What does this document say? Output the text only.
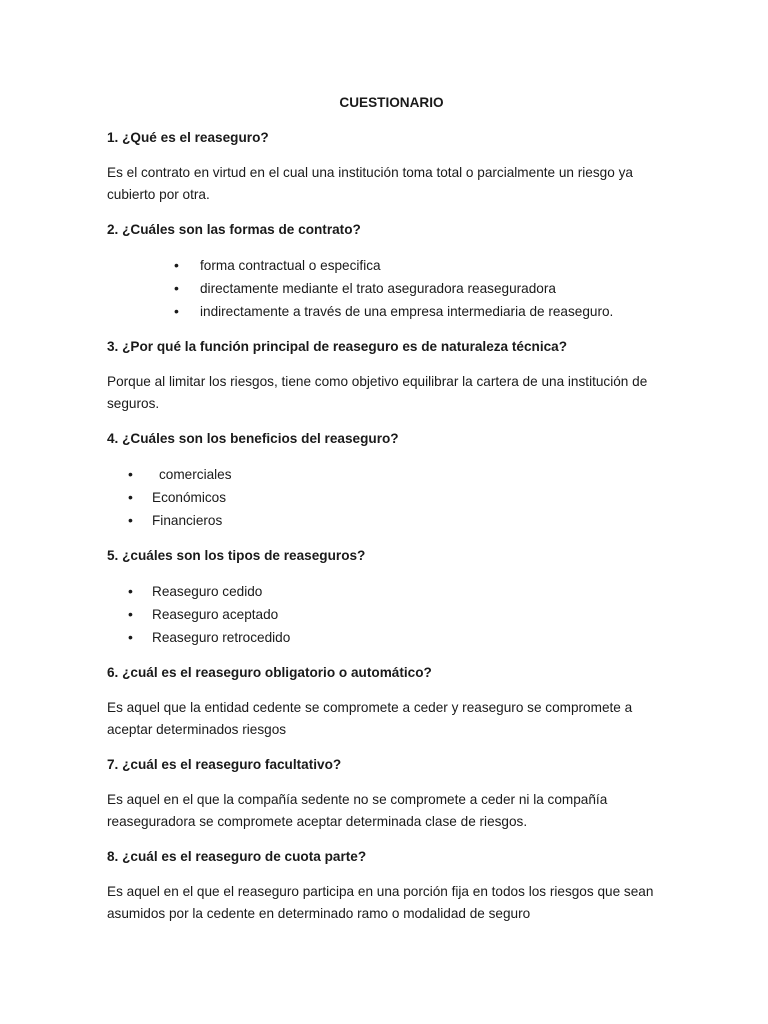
CUESTIONARIO

1. ¿Qué es el reaseguro?

Es el contrato en virtud en el cual una institución toma total o parcialmente un riesgo ya cubierto por otra.

2. ¿Cuáles son las formas de contrato?

• forma contractual o especifica
• directamente mediante el trato aseguradora reaseguradora
• indirectamente a través de una empresa intermediaria de reaseguro.

3. ¿Por qué la función principal de reaseguro es de naturaleza técnica?

Porque al limitar los riesgos, tiene como objetivo equilibrar la cartera de una institución de seguros.

4. ¿Cuáles son los beneficios del reaseguro?

• comerciales
• Económicos
• Financieros

5. ¿cuáles son los tipos de reaseguros?

• Reaseguro cedido
• Reaseguro aceptado
• Reaseguro retrocedido

6. ¿cuál es el reaseguro obligatorio o automático?

Es aquel que la entidad cedente se compromete a ceder y reaseguro se compromete a aceptar determinados riesgos

7. ¿cuál es el reaseguro facultativo?

Es aquel en el que la compañía sedente no se compromete a ceder ni la compañía reaseguradora se compromete aceptar determinada clase de riesgos.

8. ¿cuál es el reaseguro de cuota parte?

Es aquel en el que el reaseguro participa en una porción fija en todos los riesgos que sean asumidos por la cedente en determinado ramo o modalidad de seguro
